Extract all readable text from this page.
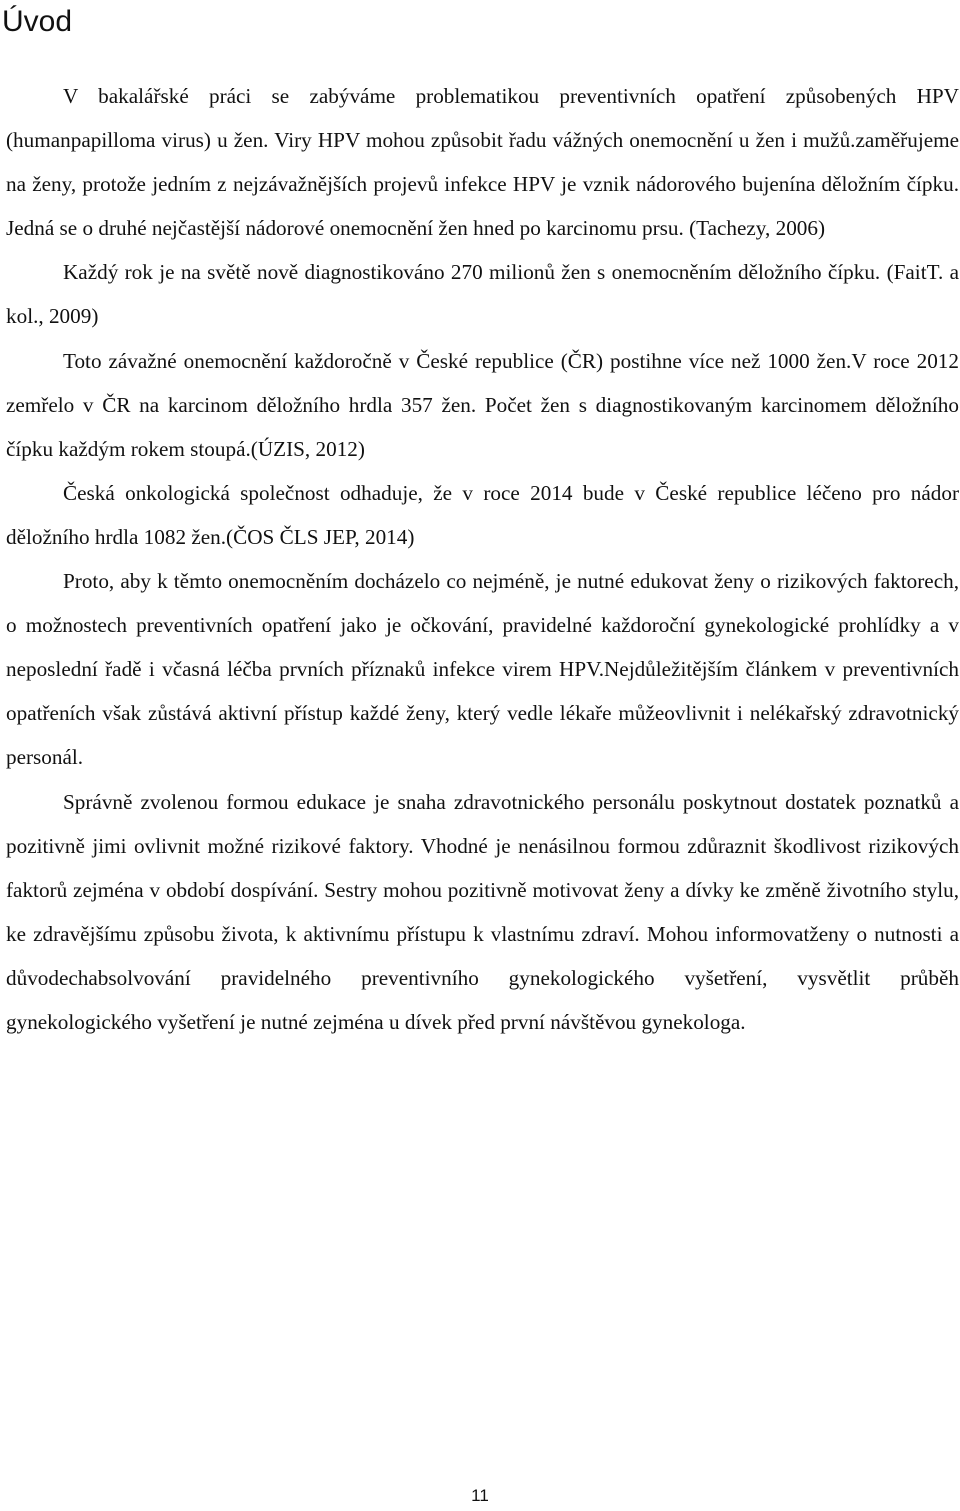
Úvod

V bakalářské práci se zabýváme problematikou preventivních opatření způsobených HPV (humanpapilloma virus) u žen. Viry HPV mohou způsobit řadu vážných onemocnění u žen i mužů.zaměřujeme na ženy, protože jedním z nejzávažnějších projevů infekce HPV je vznik nádorového bujenína děložním čípku. Jedná se o druhé nejčastější nádorové onemocnění žen hned po karcinomu prsu. (Tachezy, 2006)

Každý rok je na světě nově diagnostikováno 270 milionů žen s onemocněním děložního čípku. (FaitT. a kol., 2009)

Toto závažné onemocnění každoročně v České republice (ČR) postihne více než 1000 žen.V roce 2012 zemřelo v ČR na karcinom děložního hrdla 357 žen. Počet žen s diagnostikovaným karcinomem děložního čípku každým rokem stoupá.(ÚZIS, 2012)

Česká onkologická společnost odhaduje, že v roce 2014 bude v České republice léčeno pro nádor děložního hrdla 1082 žen.(ČOS ČLS JEP, 2014)

Proto, aby k těmto onemocněním docházelo co nejméně, je nutné edukovat ženy o rizikových faktorech, o možnostech preventivních opatření jako je očkování, pravidelné každoroční gynekologické prohlídky a v neposlední řadě i včasná léčba prvních příznaků infekce virem HPV.Nejdůležitějším článkem v preventivních opatřeních však zůstává aktivní přístup každé ženy, který vedle lékaře můžeovlivnit i nelékařský zdravotnický personál.

Správně zvolenou formou edukace je snaha zdravotnického personálu poskytnout dostatek poznatků a pozitivně jimi ovlivnit možné rizikové faktory. Vhodné je nenásilnou formou zdůraznit škodlivost rizikových faktorů zejména v období dospívání. Sestry mohou pozitivně motivovat ženy a dívky ke změně životního stylu, ke zdravějšímu způsobu života, k aktivnímu přístupu k vlastnímu zdraví. Mohou informovatženy o nutnosti a důvodechabsolvování pravidelného preventivního gynekologického vyšetření, vysvětlit průběh gynekologického vyšetření je nutné zejména u dívek před první návštěvou gynekologa.

11
